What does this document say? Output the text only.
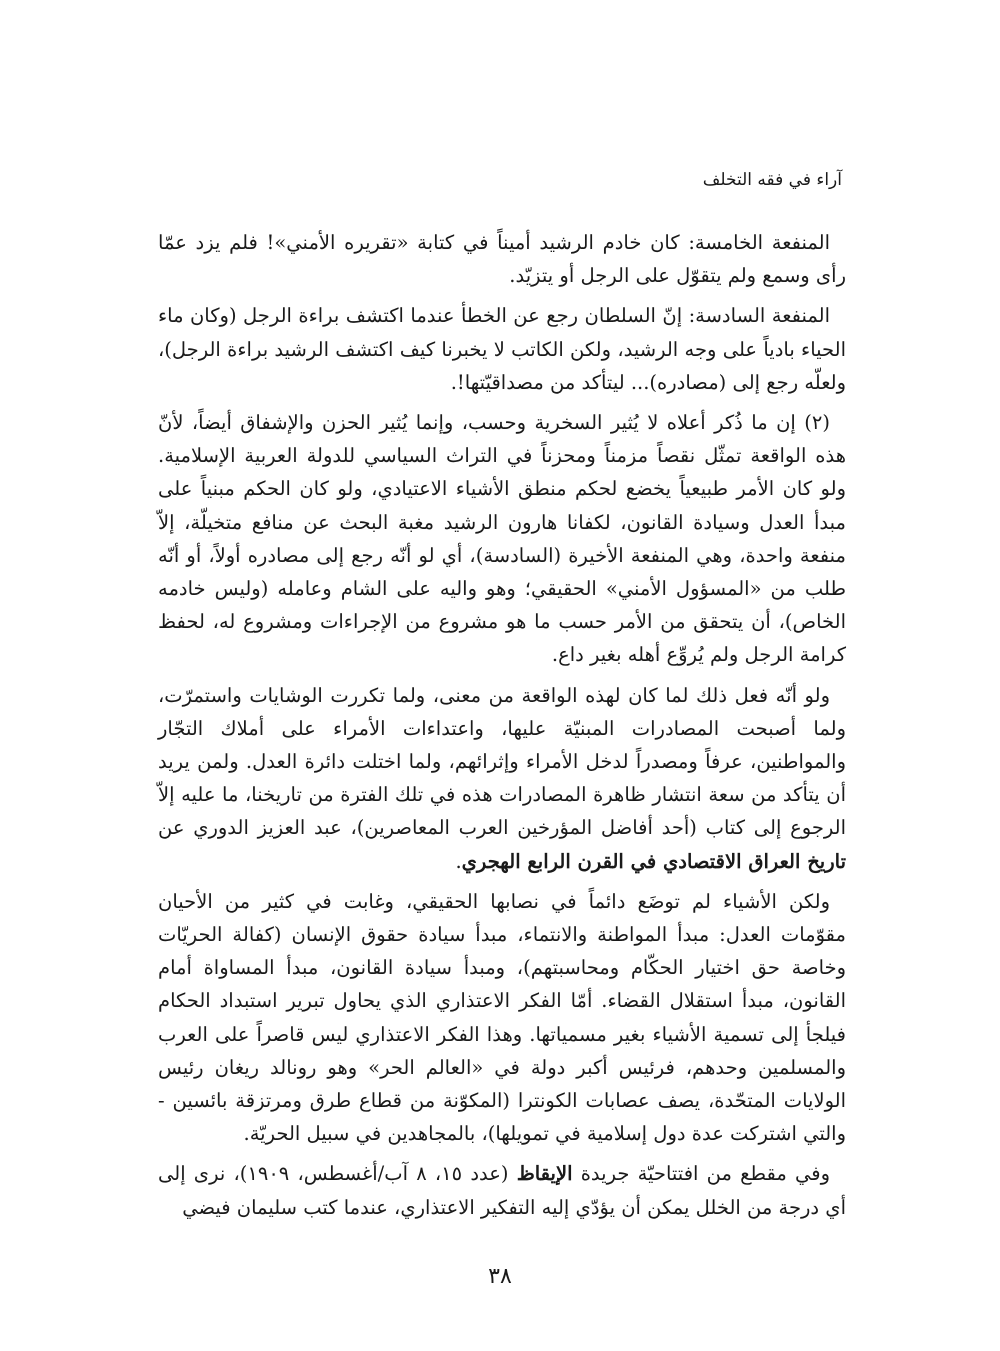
آراء في فقه التخلف

المنفعة الخامسة: كان خادم الرشيد أميناً في كتابة «تقريره الأمني»! فلم يزد عمّا رأى وسمع ولم يتقوّل على الرجل أو يتزيّد.

المنفعة السادسة: إنّ السلطان رجع عن الخطأ عندما اكتشف براءة الرجل (وكان ماء الحياء بادياً على وجه الرشيد، ولكن الكاتب لا يخبرنا كيف اكتشف الرشيد براءة الرجل)، ولعلّه رجع إلى (مصادره)... ليتأكد من مصداقيّتها!.

(٢) إن ما ذُكر أعلاه لا يُثير السخرية وحسب، وإنما يُثير الحزن والإشفاق أيضاً، لأنّ هذه الواقعة تمثّل نقصاً مزمناً ومحزناً في التراث السياسي للدولة العربية الإسلامية. ولو كان الأمر طبيعياً يخضع لحكم منطق الأشياء الاعتيادي، ولو كان الحكم مبنياً على مبدأ العدل وسيادة القانون، لكفانا هارون الرشيد مغبة البحث عن منافع متخيلّة، إلاّ منفعة واحدة، وهي المنفعة الأخيرة (السادسة)، أي لو أنّه رجع إلى مصادره أولاً، أو أنّه طلب من «المسؤول الأمني» الحقيقي؛ وهو واليه على الشام وعامله (وليس خادمه الخاص)، أن يتحقق من الأمر حسب ما هو مشروع من الإجراءات ومشروع له، لحفظ كرامة الرجل ولم يُروِّع أهله بغير داع.

ولو أنّه فعل ذلك لما كان لهذه الواقعة من معنى، ولما تكررت الوشايات واستمرّت، ولما أصبحت المصادرات المبنيّة عليها، واعتداءات الأمراء على أملاك التجّار والمواطنين، عرفاً ومصدراً لدخل الأمراء وإثرائهم، ولما اختلت دائرة العدل. ولمن يريد أن يتأكد من سعة انتشار ظاهرة المصادرات هذه في تلك الفترة من تاريخنا، ما عليه إلاّ الرجوع إلى كتاب (أحد أفاضل المؤرخين العرب المعاصرين)، عبد العزيز الدوري عن تاريخ العراق الاقتصادي في القرن الرابع الهجري.

ولكن الأشياء لم توضَع دائماً في نصابها الحقيقي، وغابت في كثير من الأحيان مقوّمات العدل: مبدأ المواطنة والانتماء، مبدأ سيادة حقوق الإنسان (كفالة الحريّات وخاصة حق اختيار الحكّام ومحاسبتهم)، ومبدأ سيادة القانون، مبدأ المساواة أمام القانون، مبدأ استقلال القضاء. أمّا الفكر الاعتذاري الذي يحاول تبرير استبداد الحكام فيلجأ إلى تسمية الأشياء بغير مسمياتها. وهذا الفكر الاعتذاري ليس قاصراً على العرب والمسلمين وحدهم، فرئيس أكبر دولة في «العالم الحر» وهو رونالد ريغان رئيس الولايات المتحّدة، يصف عصابات الكونترا (المكوّنة من قطاع طرق ومرتزقة بائسين - والتي اشتركت عدة دول إسلامية في تمويلها)، بالمجاهدين في سبيل الحريّة.

وفي مقطع من افتتاحيّة جريدة الإيقاظ (عدد ١٥، ٨ آب/أغسطس، ١٩٠٩)، نرى إلى أي درجة من الخلل يمكن أن يؤدّي إليه التفكير الاعتذاري، عندما كتب سليمان فيضي

٣٨
